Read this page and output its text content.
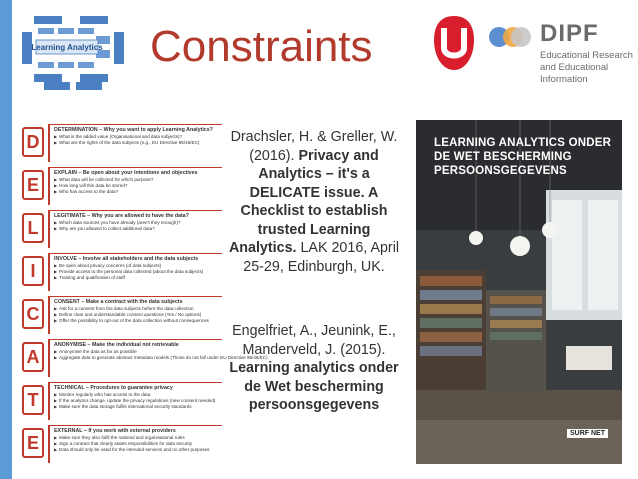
Learning Analytics Constraints	DIPF
Educational Research
and Educational Information
D
DETERMINATION – Why you want to apply Learning Analytics?
▶ What is the added value (Organisational and data subjects)?
▶ What are the rights of the data subjects (e.g., EU Directive 95/46/EC)
E
EXPLAIN – Be open about your intentions and objectives
▶ What data will be collected for which purpose?
▶ How long will this data be stored?
▶ Who has access to the data?
L
LEGITIMATE – Why you are allowed to have the data?
▶ Which data sources you have already (aren't they enough)?
▶ Why are you allowed to collect additional data?
I
INVOLVE – Involve all stakeholders and the data subjects
▶ Be open about privacy concerns (of data subjects)
▶ Provide access to the personal data collected (about the data subjects)
▶ Training and qualification of staff
C
CONSENT – Make a contract with the data subjects
▶ Ask for a consent from the data subjects before the data collection
▶ Define clear and understandable consent questions (Yes / No options)
▶ Offer the possibility to opt-out of the data collection without consequences
A
ANONYMISE – Make the individual not retrievable
▶ Anonymise the data as far as possible
▶ Aggregate data to generate abstract metadata models (Those do not fall under EU Directive 95/46/EC)
T
TECHNICAL – Procedures to guarantee privacy
▶ Monitor regularly who has access to the data
▶ If the analytics change, update the privacy regulations (new consent needed)
▶ Make sure the data storage fulfils international security standards
E
EXTERNAL – If you work with external providers
▶ Make sure they also fulfil the national and organisational rules
▶ Sign a contract that clearly states responsibilities for data security
▶ Data should only be used for the intended services and no other purposes
Drachsler, H. & Greller, W. (2016). Privacy and Analytics – it's a DELICATE issue. A Checklist to establish trusted Learning Analytics. LAK 2016, April 25-29, Edinburgh, UK.
Engelfriet, A., Jeunink, E., Manderveld, J. (2015). Learning analytics onder de Wet bescherming persoonsgegevens
LEARNING ANALYTICS ONDER DE WET BESCHERMING PERSOONSGEGEVENS
SURF NET
